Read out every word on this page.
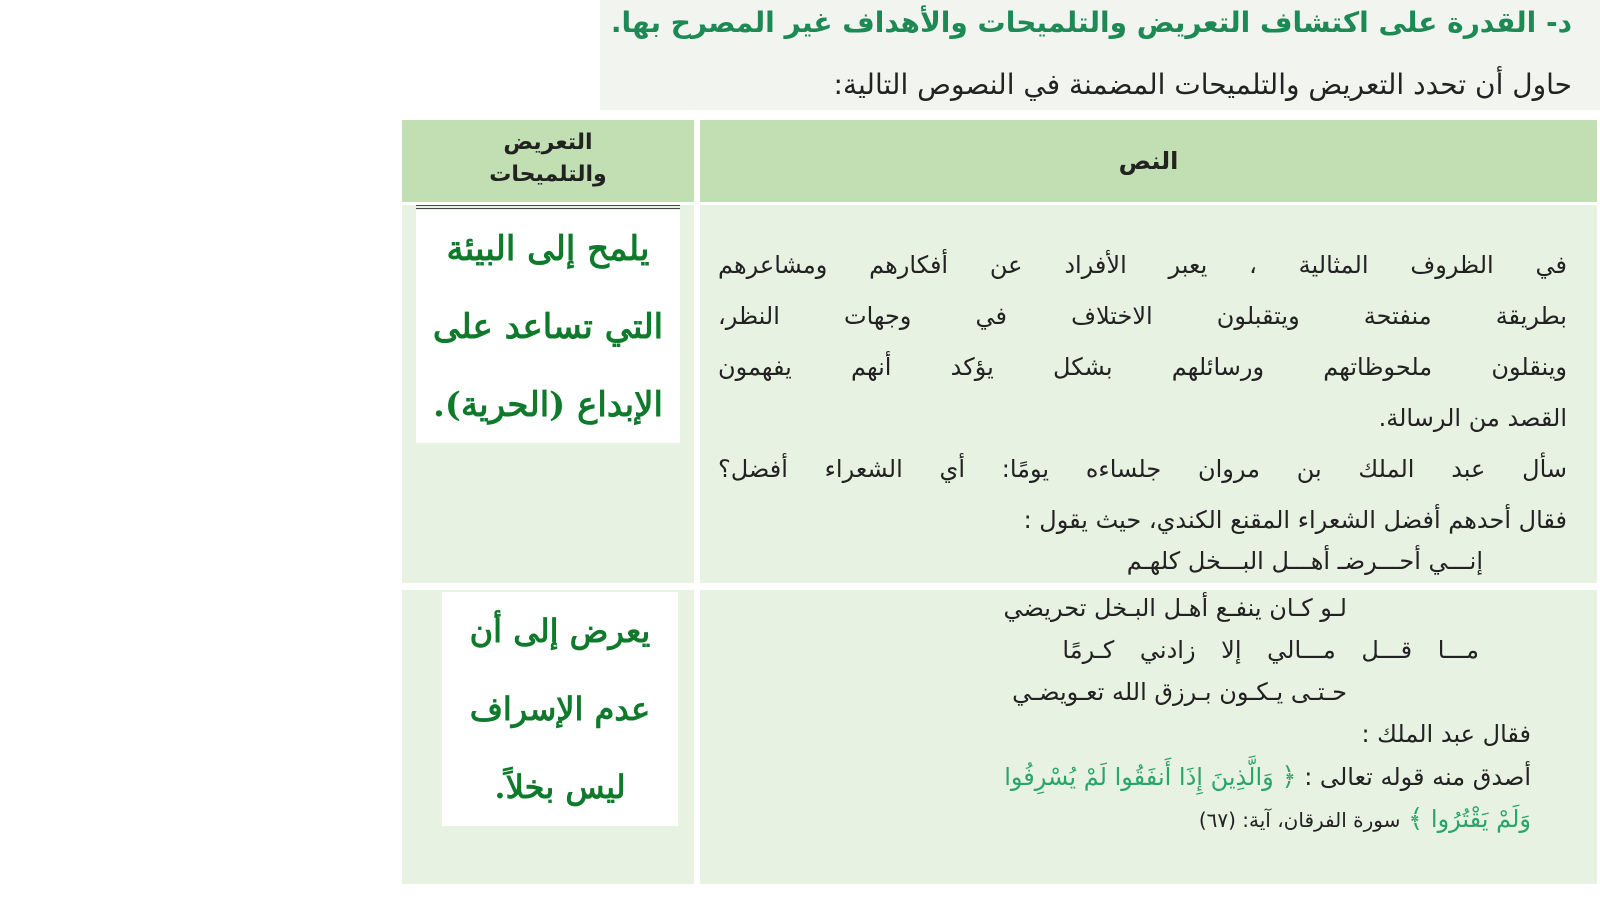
د- القدرة على اكتشاف التعريض والتلميحات والأهداف غير المصرح بها.
حاول أن تحدد التعريض والتلميحات المضمنة في النصوص التالية:
النص
التعريض
والتلميحات
في الظروف المثالية ، يعبر الأفراد عن أفكارهم ومشاعرهم
بطريقة منفتحة ويتقبلون الاختلاف في وجهات النظر،
وينقلون ملحوظاتهم ورسائلهم بشكل يؤكد أنهم يفهمون
القصد من الرسالة.
سأل عبد الملك بن مروان جلساءه يومًا: أي الشعراء أفضل؟
فقال أحدهم أفضل الشعراء المقنع الكندي، حيث يقول :
إنـــي أحـــرضـ أهـــل البـــخل كلهـم
يلمح إلى البيئة
التي تساعد على
الإبداع (الحرية).
لـو كـان ينفـع أهـل البـخل تحريضي
مـــا قـــل مـــالي إلا زادني كـرمًا
حـتـى يـكـون بـرزق الله تعـويضـي
فقال عبد الملك :
أصدق منه قوله تعالى : ﴿ وَالَّذِينَ إِذَا أَنفَقُوا لَمْ يُسْرِفُوا
وَلَمْ يَقْتُرُوا ﴾ سورة الفرقان، آية: (٦٧)
يعرض إلى أن
عدم الإسراف
ليس بخلاً.
